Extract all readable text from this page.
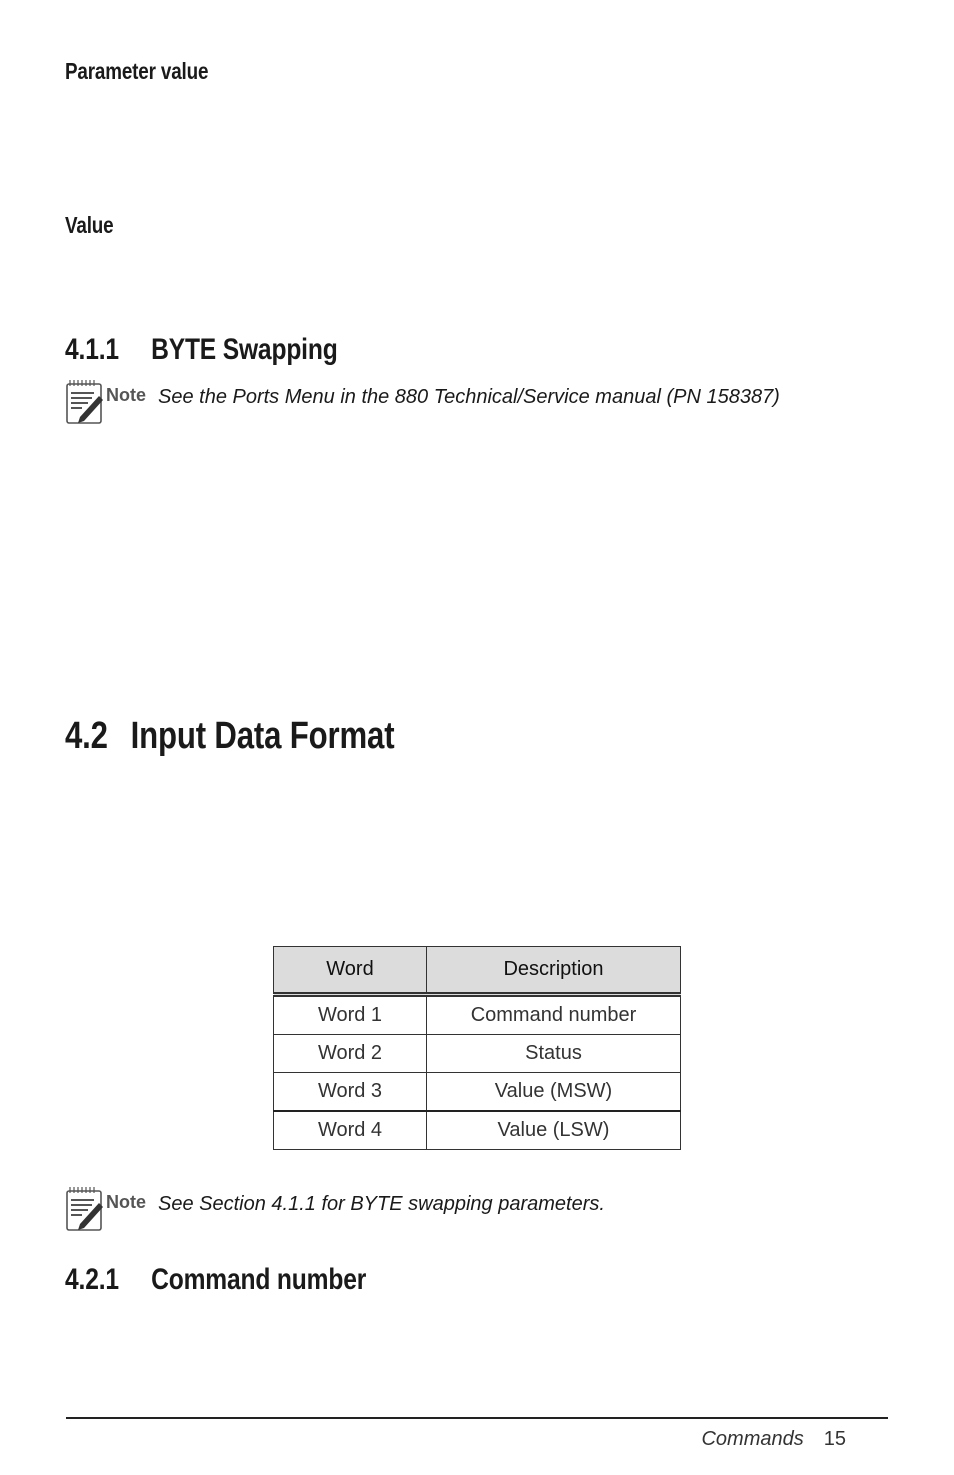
Parameter value
Value
4.1.1 BYTE Swapping
Note See the Ports Menu in the 880 Technical/Service manual (PN 158387)
4.2 Input Data Format
Word	Description
Word 1	Command number
Word 2	Status
Word 3	Value (MSW)
Word 4	Value (LSW)
Note See Section 4.1.1 for BYTE swapping parameters.
4.2.1 Command number
Commands 15
